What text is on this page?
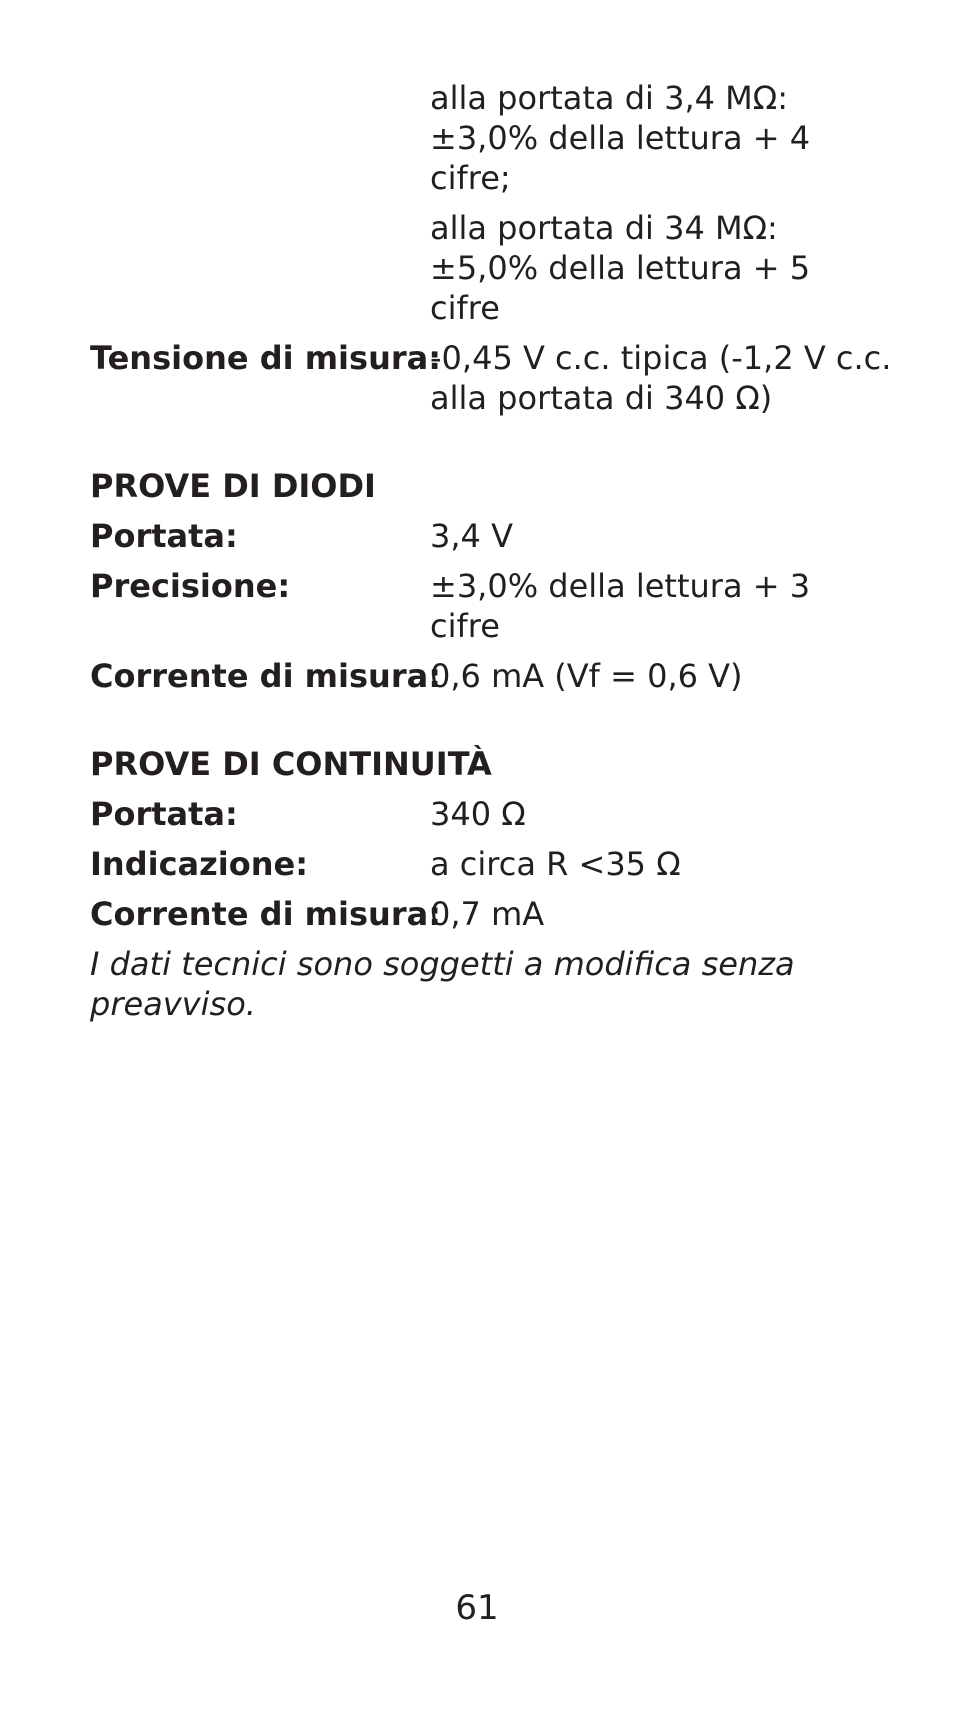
alla portata di 3,4 MΩ:
±3,0% della lettura + 4
cifre;
alla portata di 34 MΩ:
±5,0% della lettura + 5
cifre
Tensione di misura:
-0,45 V c.c. tipica (-1,2 V c.c.
alla portata di 340 Ω)
PROVE DI DIODI
Portata:	3,4 V
Precisione:	±3,0% della lettura + 3
cifre
Corrente di misura:
0,6 mA (Vf = 0,6 V)
PROVE DI CONTINUITÀ
Portata:	340 Ω
Indicazione:	a circa R <35 Ω
Corrente di misura:
0,7 mA
I dati tecnici sono soggetti a modifica senza
preavviso.
61
